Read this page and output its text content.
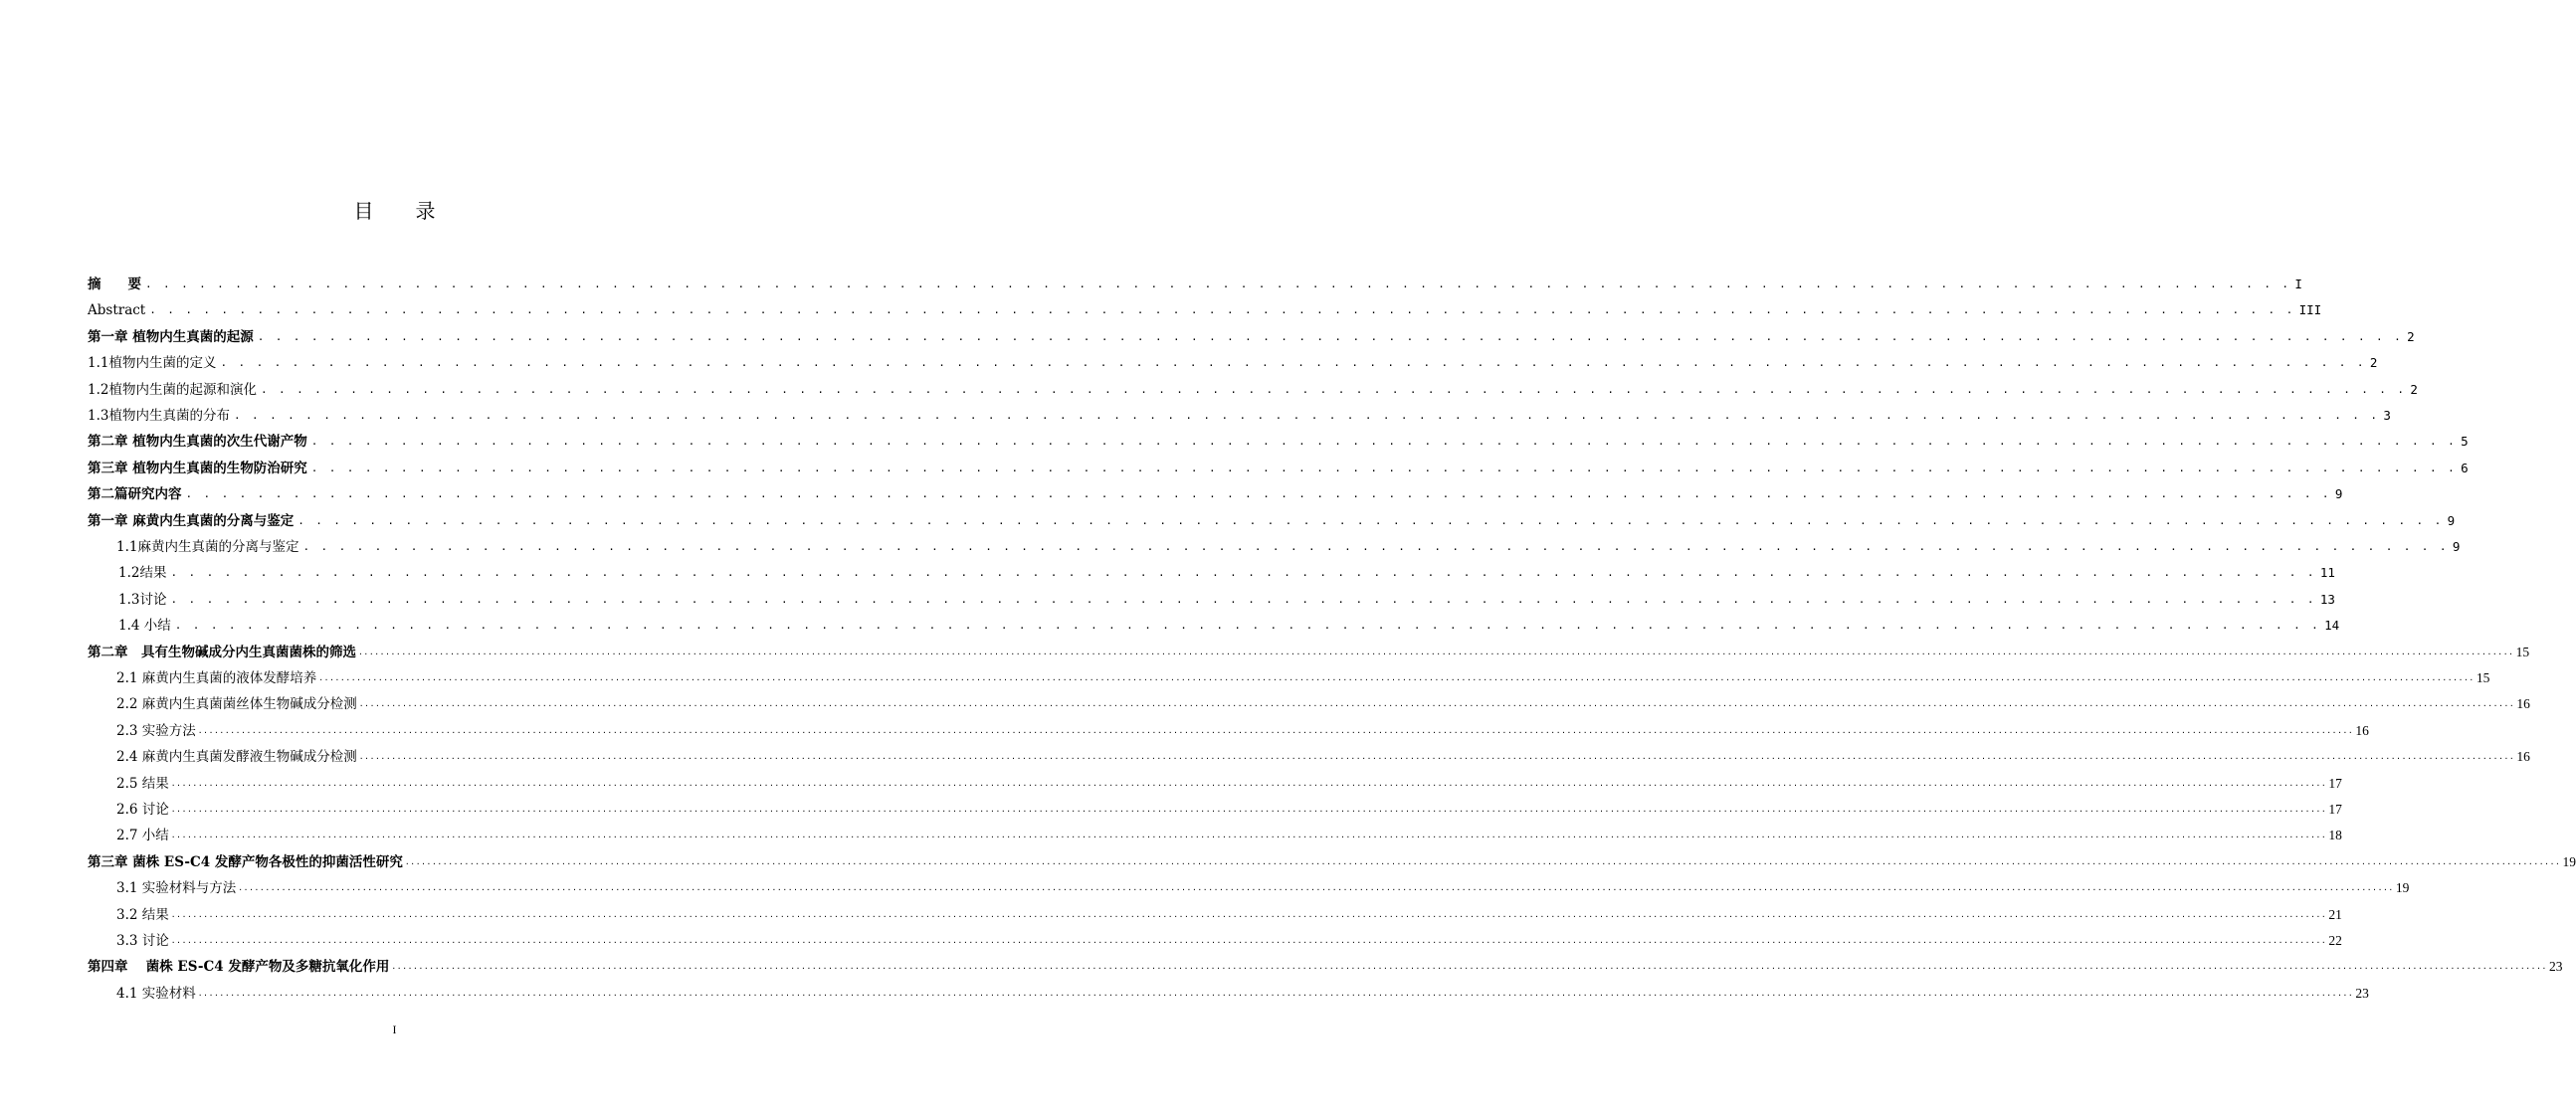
目 录
摘　　要 . . . . . . . . . . . . . . . . . . . . . . . . . . . . . . . . . . . . . . . . . . . . . . . . . . . . . . . . . . . . . . . . . . . . . . . . . . . . . . . . . . . . . . . . . . . . . . . . . . . . . . . . . . . . . . . . . . . . . . . . I
Abstract . . . . . . . . . . . . . . . . . . . . . . . . . . . . . . . . . . . . . . . . . . . . . . . . . . . . . . . . . . . . . . . . . . . . . . . . . . . . . . . . . . . . . . . . . . . . . . . . . . . . . . . . . . . . . . . . . . . . . . . . III
第一章 植物内生真菌的起源 . . . . . . . . . . . . . . . . . . . . . . . . . . . . . . . . . . . . . . . . . . . . . . . . . . . . . . . . . . . . . . . . . . . . . . . . . . . . . . . . . . . . . . . . . . . . . . . . . . . . . . . . . . . . . . . . . . . . . . . . 2
1.1植物内生菌的定义 . . . . . . . . . . . . . . . . . . . . . . . . . . . . . . . . . . . . . . . . . . . . . . . . . . . . . . . . . . . . . . . . . . . . . . . . . . . . . . . . . . . . . . . . . . . . . . . . . . . . . . . . . . . . . . . . . . . . . . . . 2
1.2植物内生菌的起源和演化 . . . . . . . . . . . . . . . . . . . . . . . . . . . . . . . . . . . . . . . . . . . . . . . . . . . . . . . . . . . . . . . . . . . . . . . . . . . . . . . . . . . . . . . . . . . . . . . . . . . . . . . . . . . . . . . . . . . . . . . . 2
1.3植物内生真菌的分布 . . . . . . . . . . . . . . . . . . . . . . . . . . . . . . . . . . . . . . . . . . . . . . . . . . . . . . . . . . . . . . . . . . . . . . . . . . . . . . . . . . . . . . . . . . . . . . . . . . . . . . . . . . . . . . . . . . . . . . . . 3
第二章 植物内生真菌的次生代谢产物 . . . . . . . . . . . . . . . . . . . . . . . . . . . . . . . . . . . . . . . . . . . . . . . . . . . . . . . . . . . . . . . . . . . . . . . . . . . . . . . . . . . . . . . . . . . . . . . . . . . . . . . . . . . . . . . . . . . . . . . . 5
第三章 植物内生真菌的生物防治研究 . . . . . . . . . . . . . . . . . . . . . . . . . . . . . . . . . . . . . . . . . . . . . . . . . . . . . . . . . . . . . . . . . . . . . . . . . . . . . . . . . . . . . . . . . . . . . . . . . . . . . . . . . . . . . . . . . . . . . . . . 6
第二篇研究内容 . . . . . . . . . . . . . . . . . . . . . . . . . . . . . . . . . . . . . . . . . . . . . . . . . . . . . . . . . . . . . . . . . . . . . . . . . . . . . . . . . . . . . . . . . . . . . . . . . . . . . . . . . . . . . . . . . . . . . . . . 9
第一章 麻黄内生真菌的分离与鉴定 . . . . . . . . . . . . . . . . . . . . . . . . . . . . . . . . . . . . . . . . . . . . . . . . . . . . . . . . . . . . . . . . . . . . . . . . . . . . . . . . . . . . . . . . . . . . . . . . . . . . . . . . . . . . . . . . . . . . . . . . 9
1.1麻黄内生真菌的分离与鉴定 . . . . . . . . . . . . . . . . . . . . . . . . . . . . . . . . . . . . . . . . . . . . . . . . . . . . . . . . . . . . . . . . . . . . . . . . . . . . . . . . . . . . . . . . . . . . . . . . . . . . . . . . . . . . . . . . . . . . . . . . 9
1.2结果 . . . . . . . . . . . . . . . . . . . . . . . . . . . . . . . . . . . . . . . . . . . . . . . . . . . . . . . . . . . . . . . . . . . . . . . . . . . . . . . . . . . . . . . . . . . . . . . . . . . . . . . . . . . . . . . . . . . . . . . . 11
1.3讨论 . . . . . . . . . . . . . . . . . . . . . . . . . . . . . . . . . . . . . . . . . . . . . . . . . . . . . . . . . . . . . . . . . . . . . . . . . . . . . . . . . . . . . . . . . . . . . . . . . . . . . . . . . . . . . . . . . . . . . . . . 13
1.4 小结 . . . . . . . . . . . . . . . . . . . . . . . . . . . . . . . . . . . . . . . . . . . . . . . . . . . . . . . . . . . . . . . . . . . . . . . . . . . . . . . . . . . . . . . . . . . . . . . . . . . . . . . . . . . . . . . . . . . . . . . . 14
第二章　具有生物碱成分内生真菌菌株的筛选 ................................................................................................................................................................................................................................................................................................................................................................................................................ 15
2.1 麻黄内生真菌的液体发酵培养 ................................................................................................................................................................................................................................................................................................................................................................................................................ 15
2.2 麻黄内生真菌菌丝体生物碱成分检测 ................................................................................................................................................................................................................................................................................................................................................................................................................ 16
2.3 实验方法 ................................................................................................................................................................................................................................................................................................................................................................................................................ 16
2.4 麻黄内生真菌发酵液生物碱成分检测 ................................................................................................................................................................................................................................................................................................................................................................................................................ 16
2.5 结果 ................................................................................................................................................................................................................................................................................................................................................................................................................ 17
2.6 讨论 ................................................................................................................................................................................................................................................................................................................................................................................................................ 17
2.7 小结 ................................................................................................................................................................................................................................................................................................................................................................................................................ 18
第三章 菌株 ES-C4 发酵产物各极性的抑菌活性研究 ................................................................................................................................................................................................................................................................................................................................................................................................................ 19
3.1 实验材料与方法 ................................................................................................................................................................................................................................................................................................................................................................................................................ 19
3.2 结果 ................................................................................................................................................................................................................................................................................................................................................................................................................ 21
3.3 讨论 ................................................................................................................................................................................................................................................................................................................................................................................................................ 22
第四章　 菌株 ES-C4 发酵产物及多糖抗氧化作用 ................................................................................................................................................................................................................................................................................................................................................................................................................ 23
4.1 实验材料 ................................................................................................................................................................................................................................................................................................................................................................................................................ 23
I
